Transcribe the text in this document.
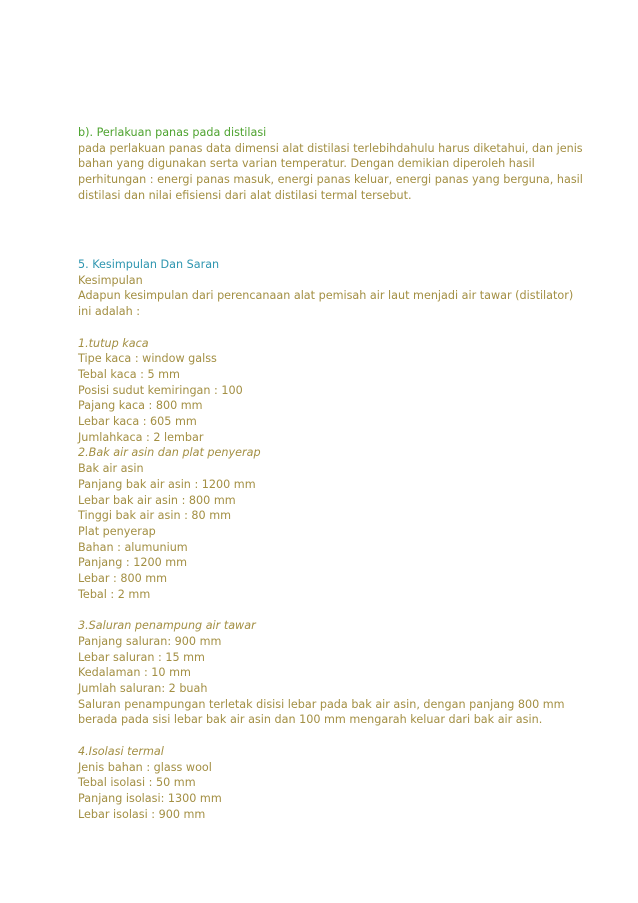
b). Perlakuan panas pada distilasi
pada perlakuan panas data dimensi alat distilasi terlebihdahulu harus diketahui, dan jenis
bahan yang digunakan serta varian temperatur. Dengan demikian diperoleh hasil
perhitungan : energi panas masuk, energi panas keluar, energi panas yang berguna, hasil
distilasi dan nilai efisiensi dari alat distilasi termal tersebut.
5. Kesimpulan Dan Saran
Kesimpulan
Adapun kesimpulan dari perencanaan alat pemisah air laut menjadi air tawar (distilator)
ini adalah :

1.tutup kaca
Tipe kaca : window galss
Tebal kaca : 5 mm
Posisi sudut kemiringan : 100
Pajang kaca : 800 mm
Lebar kaca : 605 mm
Jumlahkaca : 2 lembar
2.Bak air asin dan plat penyerap
Bak air asin
Panjang bak air asin : 1200 mm
Lebar bak air asin : 800 mm
Tinggi bak air asin : 80 mm
Plat penyerap
Bahan : alumunium
Panjang : 1200 mm
Lebar : 800 mm
Tebal : 2 mm

3.Saluran penampung air tawar
Panjang saluran: 900 mm
Lebar saluran : 15 mm
Kedalaman : 10 mm
Jumlah saluran: 2 buah
Saluran penampungan terletak disisi lebar pada bak air asin, dengan panjang 800 mm
berada pada sisi lebar bak air asin dan 100 mm mengarah keluar dari bak air asin.

4.Isolasi termal
Jenis bahan : glass wool
Tebal isolasi : 50 mm
Panjang isolasi: 1300 mm
Lebar isolasi : 900 mm
